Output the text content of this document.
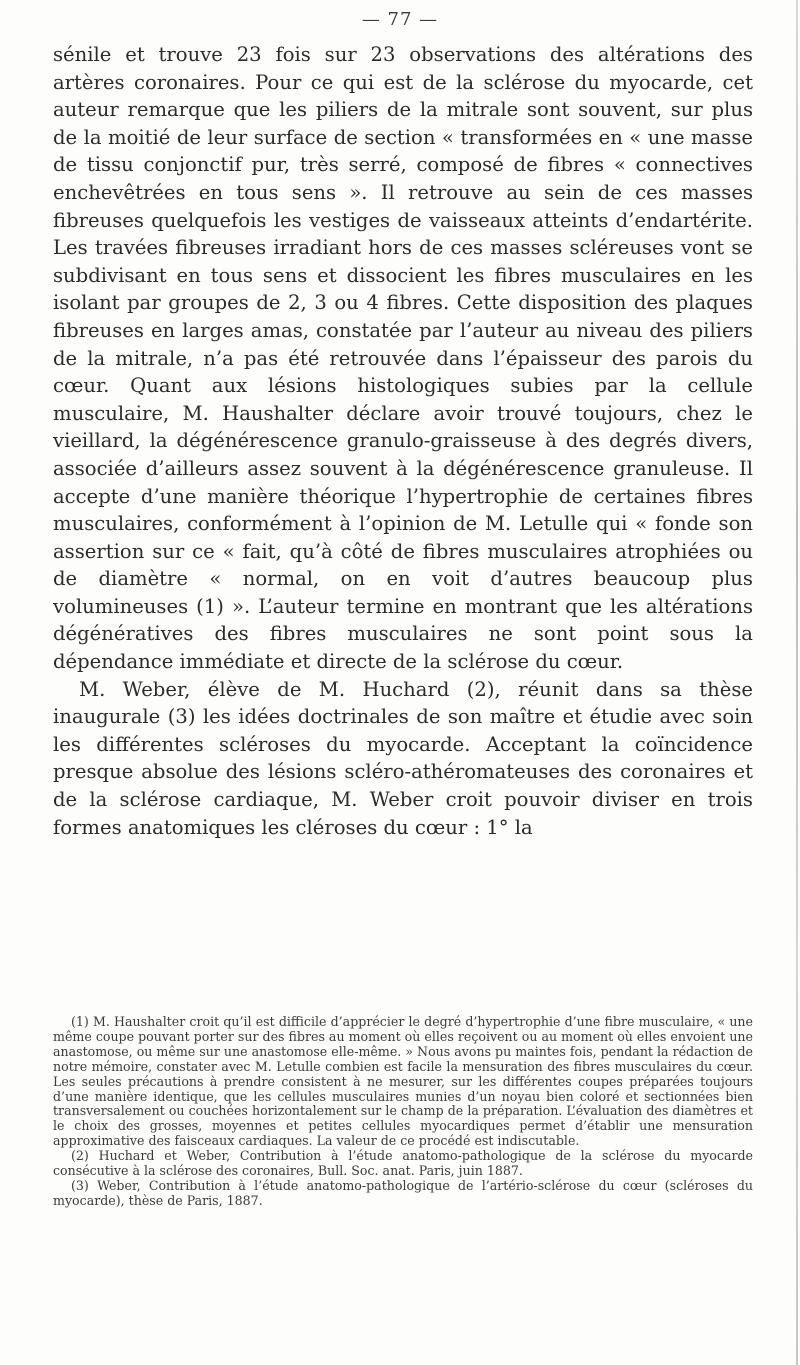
— 77 —

sénile et trouve 23 fois sur 23 observations des altérations des artères coronaires. Pour ce qui est de la sclérose du myocarde, cet auteur remarque que les piliers de la mitrale sont souvent, sur plus de la moitié de leur surface de section « transformées en « une masse de tissu conjonctif pur, très serré, composé de fibres « connectives enchevêtrées en tous sens ». Il retrouve au sein de ces masses fibreuses quelquefois les vestiges de vaisseaux atteints d’endartérite. Les travées fibreuses irradiant hors de ces masses scléreuses vont se subdivisant en tous sens et dissocient les fibres musculaires en les isolant par groupes de 2, 3 ou 4 fibres. Cette disposition des plaques fibreuses en larges amas, constatée par l’auteur au niveau des piliers de la mitrale, n’a pas été retrouvée dans l’épaisseur des parois du cœur. Quant aux lésions histologiques subies par la cellule musculaire, M. Haushalter déclare avoir trouvé toujours, chez le vieillard, la dégénérescence granulo-graisseuse à des degrés divers, associée d’ailleurs assez souvent à la dégénérescence granuleuse. Il accepte d’une manière théorique l’hypertrophie de certaines fibres musculaires, conformément à l’opinion de M. Letulle qui « fonde son assertion sur ce « fait, qu’à côté de fibres musculaires atrophiées ou de diamètre « normal, on en voit d’autres beaucoup plus volumineuses (1) ». L’auteur termine en montrant que les altérations dégénératives des fibres musculaires ne sont point sous la dépendance immédiate et directe de la sclérose du cœur.

M. Weber, élève de M. Huchard (2), réunit dans sa thèse inaugurale (3) les idées doctrinales de son maître et étudie avec soin les différentes scléroses du myocarde. Acceptant la coïncidence presque absolue des lésions scléro-athéromateuses des coronaires et de la sclérose cardiaque, M. Weber croit pouvoir diviser en trois formes anatomiques les cléroses du cœur : 1° la

(1) M. Haushalter croit qu’il est difficile d’apprécier le degré d’hypertrophie d’une fibre musculaire, « une même coupe pouvant porter sur des fibres au moment où elles reçoivent ou au moment où elles envoient une anastomose, ou même sur une anastomose elle-même. » Nous avons pu maintes fois, pendant la rédaction de notre mémoire, constater avec M. Letulle combien est facile la mensuration des fibres musculaires du cœur. Les seules précautions à prendre consistent à ne mesurer, sur les différentes coupes préparées toujours d’une manière identique, que les cellules musculaires munies d’un noyau bien coloré et sectionnées bien transversalement ou couchées horizontalement sur le champ de la préparation. L’évaluation des diamètres et le choix des grosses, moyennes et petites cellules myocardiques permet d’établir une mensuration approximative des faisceaux cardiaques. La valeur de ce procédé est indiscutable.

(2) Huchard et Weber, Contribution à l’étude anatomo-pathologique de la sclérose du myocarde consécutive à la sclérose des coronaires, Bull. Soc. anat. Paris, juin 1887.

(3) Weber, Contribution à l’étude anatomo-pathologique de l’artério-sclérose du cœur (scléroses du myocarde), thèse de Paris, 1887.
